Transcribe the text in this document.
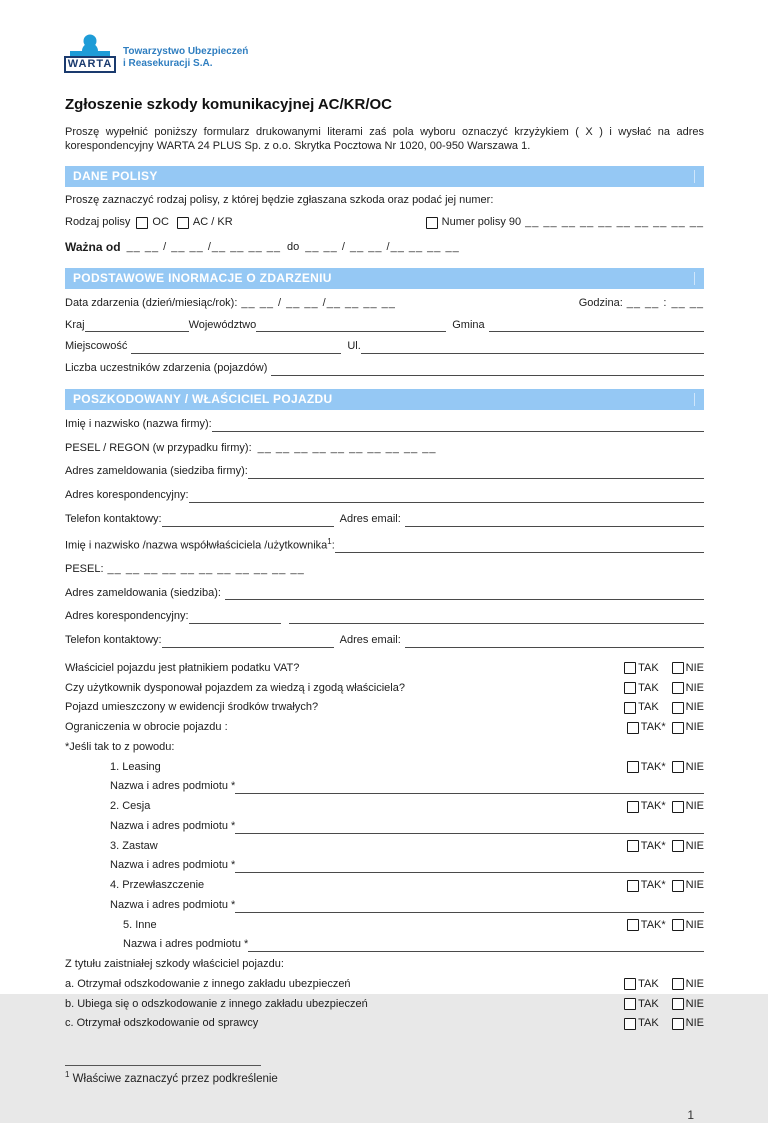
WARTA
Towarzystwo Ubezpieczeń
i Reasekuracji S.A.
Zgłoszenie szkody komunikacyjnej AC/KR/OC

Proszę wypełnić poniższy formularz drukowanymi literami zaś pola wyboru oznaczyć krzyżykiem ( X ) i wysłać na adres korespondencyjny WARTA 24 PLUS Sp. z o.o. Skrytka Pocztowa Nr 1020, 00-950 Warszawa 1.

DANE POLISY
Proszę zaznaczyć rodzaj polisy, z której będzie zgłaszana szkoda oraz podać jej numer:
Rodzaj polisy OC AC / KR	Numer polisy 90 __ __ __ __ __ __ __ __ __ __
Ważna od __ __ / __ __ /__ __ __ __ do __ __ / __ __ /__ __ __ __
PODSTAWOWE INORMACJE O ZDARZENIU
Data zdarzenia (dzień/miesiąc/rok): __ __ / __ __ /__ __ __ __	Godzina: __ __ : __ __
Kraj	Województwo	Gmina
Miejscowość	Ul.
Liczba uczestników zdarzenia (pojazdów)
POSZKODOWANY / WŁAŚCICIEL POJAZDU
Imię i nazwisko (nazwa firmy):
PESEL / REGON (w przypadku firmy): __ __ __ __ __ __ __ __ __ __
Adres zameldowania (siedziba firmy):
Adres korespondencyjny:
Telefon kontaktowy:	Adres email:
Imię i nazwisko /nazwa współwłaściciela /użytkownika$^1$:
PESEL: __ __ __ __ __ __ __ __ __ __ __
Adres zameldowania (siedziba):
Adres korespondencyjny:
Telefon kontaktowy:	Adres email:
Właściciel pojazdu jest płatnikiem podatku VAT?	TAK NIE
Czy użytkownik dysponował pojazdem za wiedzą i zgodą właściciela?	TAK NIE
Pojazd umieszczony w ewidencji środków trwałych?	TAK NIE
Ograniczenia w obrocie pojazdu :	TAK* NIE
*Jeśli tak to z powodu:
1. Leasing	TAK* NIE
Nazwa i adres podmiotu *
2. Cesja	TAK* NIE
Nazwa i adres podmiotu *
3. Zastaw	TAK* NIE
Nazwa i adres podmiotu *
4. Przewłaszczenie	TAK* NIE
Nazwa i adres podmiotu *
5. Inne	TAK* NIE
Nazwa i adres podmiotu *
Z tytułu zaistniałej szkody właściciel pojazdu:
a. Otrzymał odszkodowanie z innego zakładu ubezpieczeń	TAK NIE
b. Ubiega się o odszkodowanie z innego zakładu ubezpieczeń	TAK NIE
c. Otrzymał odszkodowanie od sprawcy	TAK NIE
$^1$ Właściwe zaznaczyć przez podkreślenie
1
